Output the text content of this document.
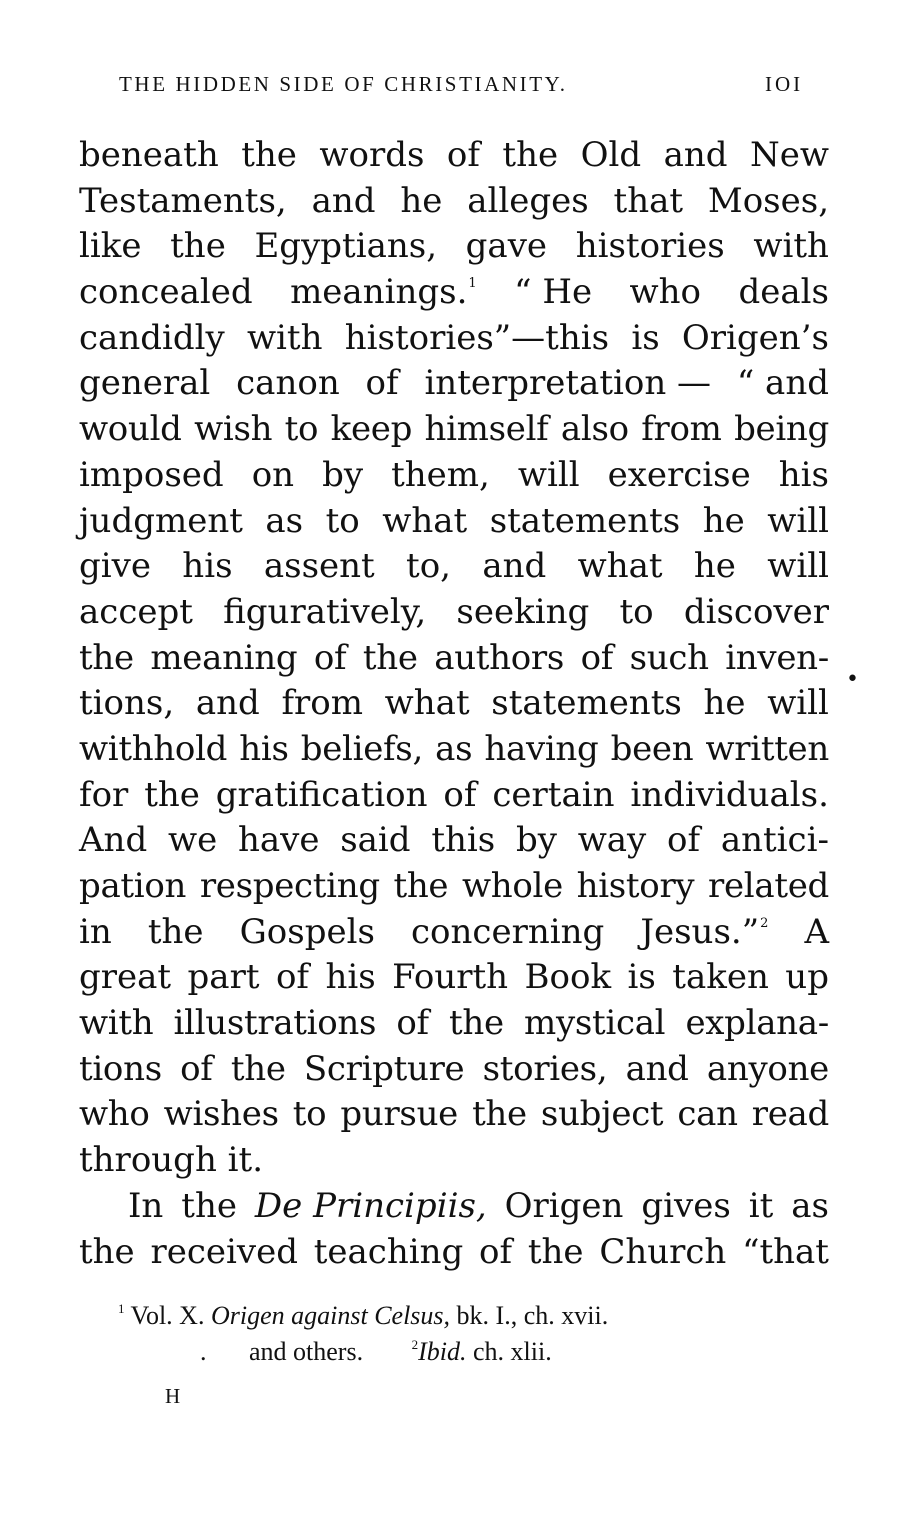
THE HIDDEN SIDE OF CHRISTIANITY.	IOI
beneath the words of the Old and New
Testaments, and he alleges that Moses,
like the Egyptians, gave histories with
concealed meanings.$^1$ “ He who deals
candidly with histories”—this is Origen’s
general canon of interpretation — “ and
would wish to keep himself also from being
imposed on by them, will exercise his
judgment as to what statements he will
give his assent to, and what he will
accept figuratively, seeking to discover
the meaning of the authors of such inven-
tions, and from what statements he will
withhold his beliefs, as having been written
for the gratification of certain individuals.
And we have said this by way of antici-
pation respecting the whole history related
in the Gospels concerning Jesus.”$^2$ A
great part of his Fourth Book is taken up
with illustrations of the mystical explana-
tions of the Scripture stories, and anyone
who wishes to pursue the subject can read
through it.
In the De Principiis, Origen gives it as
the received teaching of the Church “that
•
$^1$ Vol. X. Origen against Celsus, bk. I., ch. xvii.
. and others.	$^2$Ibid. ch. xlii.
H
